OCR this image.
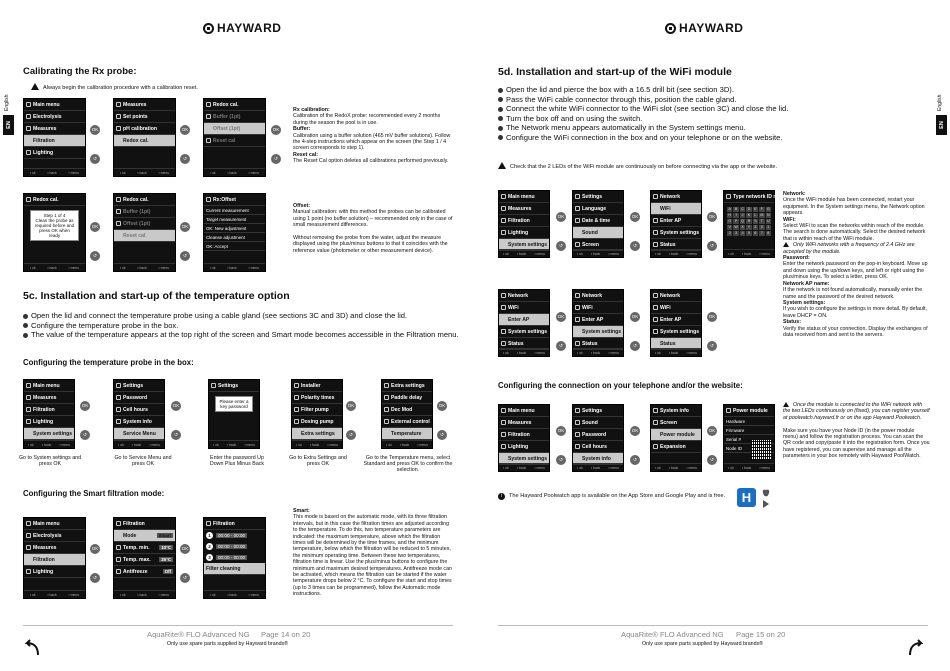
HAYWARD
English
EN
Calibrating the Rx probe:
Always begin the calibration procedure with a calibration reset.
Rx calibration:
Calibration of the RedoX probe: recommended every 2 months during the season the pool is in use.
Buffer:
Calibration using a buffer solution (465 mV buffer solutions). Follow the 4-step instructions which appear on the screen (the Step 1 / 4 screen corresponds to step 1).
Reset cal:
The Reset Cal option deletes all calibrations performed previously.
Offset:
Manual calibration: with this method the probes can be calibrated using 1 point (no buffer solution) – recommended only in the case of small measurement differences.

Without removing the probe from the water, adjust the measure displayed using the plus/minus buttons to that it coincides with the reference value (photometer or other measurement device).
5c. Installation and start-up of the temperature option
Open the lid and connect the temperature probe using a cable gland (see sections 3C and 3D) and close the lid.
Configure the temperature probe in the box.
The value of the temperature appears at the top right of the screen and Smart mode becomes accessible in the Filtration menu.
Configuring the temperature probe in the box:
Configuring the Smart filtration mode:
Smart:
This mode is based on the automatic mode, with its three filtration intervals, but in this case the filtration times are adjusted according to the temperature. To do this, two temperature parameters are indicated: the maximum temperature, above which the filtration times will be determined by the time frames, and the minimum temperature, below which the filtration will be reduced to 5 minutes, the minimum operating time. Between these two temperatures, filtration time is linear. Use the plus/minus buttons to configure the minimum and maximum desired temperatures. Antifreeze mode can be activated, which means the filtration can be started if the water temperature drops below 2 °C. To configure the start and stop times (up to 3 times can be programmed), follow the Automatic mode instructions.
AquaRite® FLO Advanced NG Page 14 on 20
Only use spare parts supplied by Hayward brands®
Main menu
Electrolysis
Measures
Filtration
Lighting
▪ ok	▪ back	▪ menu
Measures
Set points
pH calibration
Redox cal.
▪ ok	▪ back	▪ menu
Redox cal.
Buffer (1pt)
Offset (1pt)
Reset cal
▪ ok	▪ back	▪ menu
Redox cal.
Step 1 of 4
Clean the probe as required before and press OK when ready
▪ ok	▪ back	▪ menu
Redox cal.
Buffer (1pt)
Offset (1pt)
Reset cal
▪ ok	▪ back	▪ menu
Rx:Offset
Current measurement
Target measurement
OK: New adjustment
Cleanse adjustment
OK: Accept
▪ ok	▪ back	▪ menu
OK
↺
OK
↺
OK
↺
OK
↺
OK
↺
Main menu
Measures
Filtration
Lighting
System settings
▪ ok	▪ back	▪ menu
Settings
Password
Cell hours
System info
Service Menu
▪ ok	▪ back	▪ menu
Settings
Please enter a key password
▪ ok	▪ back	▪ menu
Installer
Polarity times
Filter pump
Dosing pump
Extra settings
▪ ok	▪ back	▪ menu
Extra settings
Paddle delay
Dec Mod
External control
Temperature
▪ ok	▪ back	▪ menu
OK
↺
OK
↺
OK
↺
OK
↺
Go to System settings and press OK
Go to Service Menu and press OK
Enter the password Up Down Plus Minus Back
Go to Extra Settings and press OK
Go to the Temperature menu, select Standard and press OK to confirm the selection.
Main menu
Electrolysis
Measures
Filtration
Lighting
▪ ok	▪ back	▪ menu
Filtration
Mode	Smart
Temp. min.	10°C
Temp. max.	25°C
Antifreeze	Off
▪ ok	▪ back	▪ menu
Filtration
1	00:00 - 00:00
2	00:00 - 00:00
3	00:00 - 00:00
Filter cleaning
▪ ok	▪ back	▪ menu
OK
↺
OK
↺
HAYWARD
English
EN
5d. Installation and start-up of the WiFi module
Open the lid and pierce the box with a 16.5 drill bit (see section 3D).
Pass the WiFi cable connector through this, position the cable gland.
Connect the white WiFi connector to the WiFi slot (see section 3C) and close the lid.
Turn the box off and on using the switch.
The Network menu appears automatically in the System settings menu.
Configure the WiFi connection in the box and on your telephone or on the website.
Check that the 2 LEDs of the WiFi module are continuously on before connecting via the app or the website.
Network:
Once the WiFi module has been connected, restart your equipment. In the System settings menu, the Network option appears.
WiFi:
Select WiFi to scan the networks within reach of the module. The search is done automatically. Select the desired network that is within reach of the WiFi module.
Only WiFi networks with a frequency of 2.4 GHz are accepted by the module.
Password:
Enter the network password on the pop-in keyboard. Move up and down using the up/down keys, and left or right using the plus/minus keys. To select a letter, press OK.
Network AP name:
If the network is not found automatically, manually enter the name and the password of the desired network.
System settings:
If you wish to configure the settings in more detail. By default, leave DHCP = ON.
Status:
Verify the status of your connection. Display the exchanges of data received from and sent to the servers.
Configuring the connection on your telephone and/or the website:
Once the module is connected to the WiFi network with the two LEDs continuously on (fixed), you can register yourself at poolwatch.hayward.fr or on the app Hayward Poolwatch.

Make sure you have your Node ID (in the power module menu) and follow the registration process. You can scan the QR code and copy/paste it into the registration form. Once you have registered, you can supervise and manage all the parameters in your box remotely with Hayward PoolWatch.
i The Hayward Poolwatch app is available on the App Store and Google Play and is free.	H
AquaRite® FLO Advanced NG Page 15 on 20
Only use spare parts supplied by Hayward brands®
Main menu
Measures
Filtration
Lighting
System settings
▪ ok	▪ back	▪ menu
Settings
Language
Date & time
Sound
Screen
▪ ok	▪ back	▪ menu
Network
WiFi
Enter AP
System settings
Status
▪ ok	▪ back	▪ menu
Type network ID name
A	B	C	D	E	F	G
H	I	J	K	L	M	N
O	P	Q	R	S	T	U
V W X	Y	Z	0	1
2	3	4	5	6	7	8
▪ ok	▪ back	▪ menu
Network
WiFi
Enter AP
System settings
Status
▪ ok	▪ back	▪ menu
Network
WiFi
Enter AP
System settings
Status
▪ ok	▪ back	▪ menu
Network
WiFi
Enter AP
System settings
Status
▪ ok	▪ back	▪ menu
OK
↺
OK
↺
OK
↺
OK
↺
OK
↺
OK
↺
Main menu
Measures
Filtration
Lighting
System settings
▪ ok	▪ back	▪ menu
Settings
Sound
Password
Cell hours
System info
▪ ok	▪ back	▪ menu
System info
Screen
Power module
Expansion
▪ ok	▪ back	▪ menu
Power module
Hardware
Firmware
Serial #
Node ID
▪ ok	▪ back	▪ menu
OK
↺
OK
↺
OK
↺
